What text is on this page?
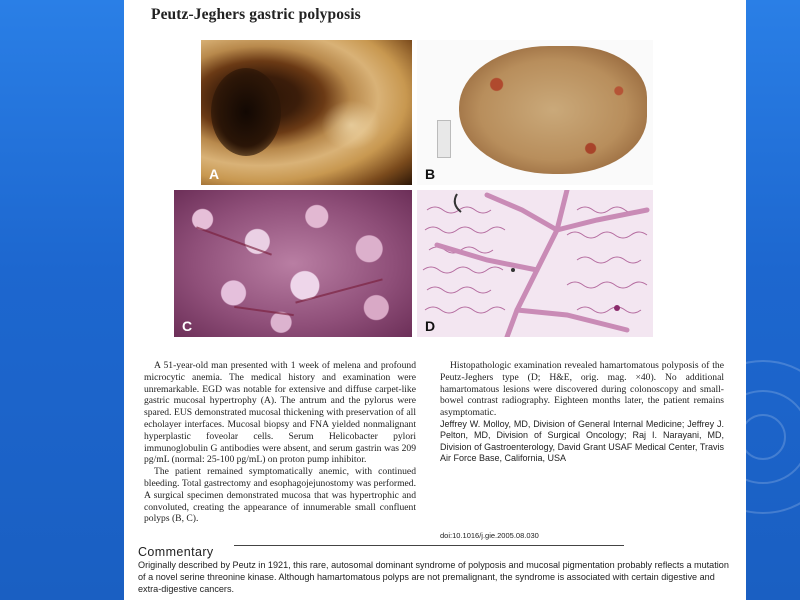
Peutz-Jeghers gastric polyposis
A	B
C	D

A 51-year-old man presented with 1 week of melena and profound microcytic anemia. The medical history and examination were unremarkable. EGD was notable for extensive and diffuse carpet-like gastric mucosal hypertrophy (A). The antrum and the pylorus were spared. EUS demonstrated mucosal thickening with preservation of all echolayer interfaces. Mucosal biopsy and FNA yielded nonmalignant hyperplastic foveolar cells. Serum Helicobacter pylori immunoglobulin G antibodies were absent, and serum gastrin was 209 pg/mL (normal: 25-100 pg/mL) on proton pump inhibitor.

The patient remained symptomatically anemic, with continued bleeding. Total gastrectomy and esophagojejunostomy was performed. A surgical specimen demonstrated mucosa that was hypertrophic and convoluted, creating the appearance of innumerable small confluent polyps (B, C).

Histopathologic examination revealed hamartomatous polyposis of the Peutz-Jeghers type (D; H&E, orig. mag. ×40). No additional hamartomatous lesions were discovered during colonoscopy and small-bowel contrast radiography. Eighteen months later, the patient remains asymptomatic.

Jeffrey W. Molloy, MD, Division of General Internal Medicine; Jeffrey J. Pelton, MD, Division of Surgical Oncology; Raj I. Narayani, MD, Division of Gastroenterology, David Grant USAF Medical Center, Travis Air Force Base, California, USA

doi:10.1016/j.gie.2005.08.030
Commentary
Originally described by Peutz in 1921, this rare, autosomal dominant syndrome of polyposis and mucosal pigmentation probably reflects a mutation of a novel serine threonine kinase. Although hamartomatous polyps are not premalignant, the syndrome is associated with certain digestive and extra-digestive cancers.
